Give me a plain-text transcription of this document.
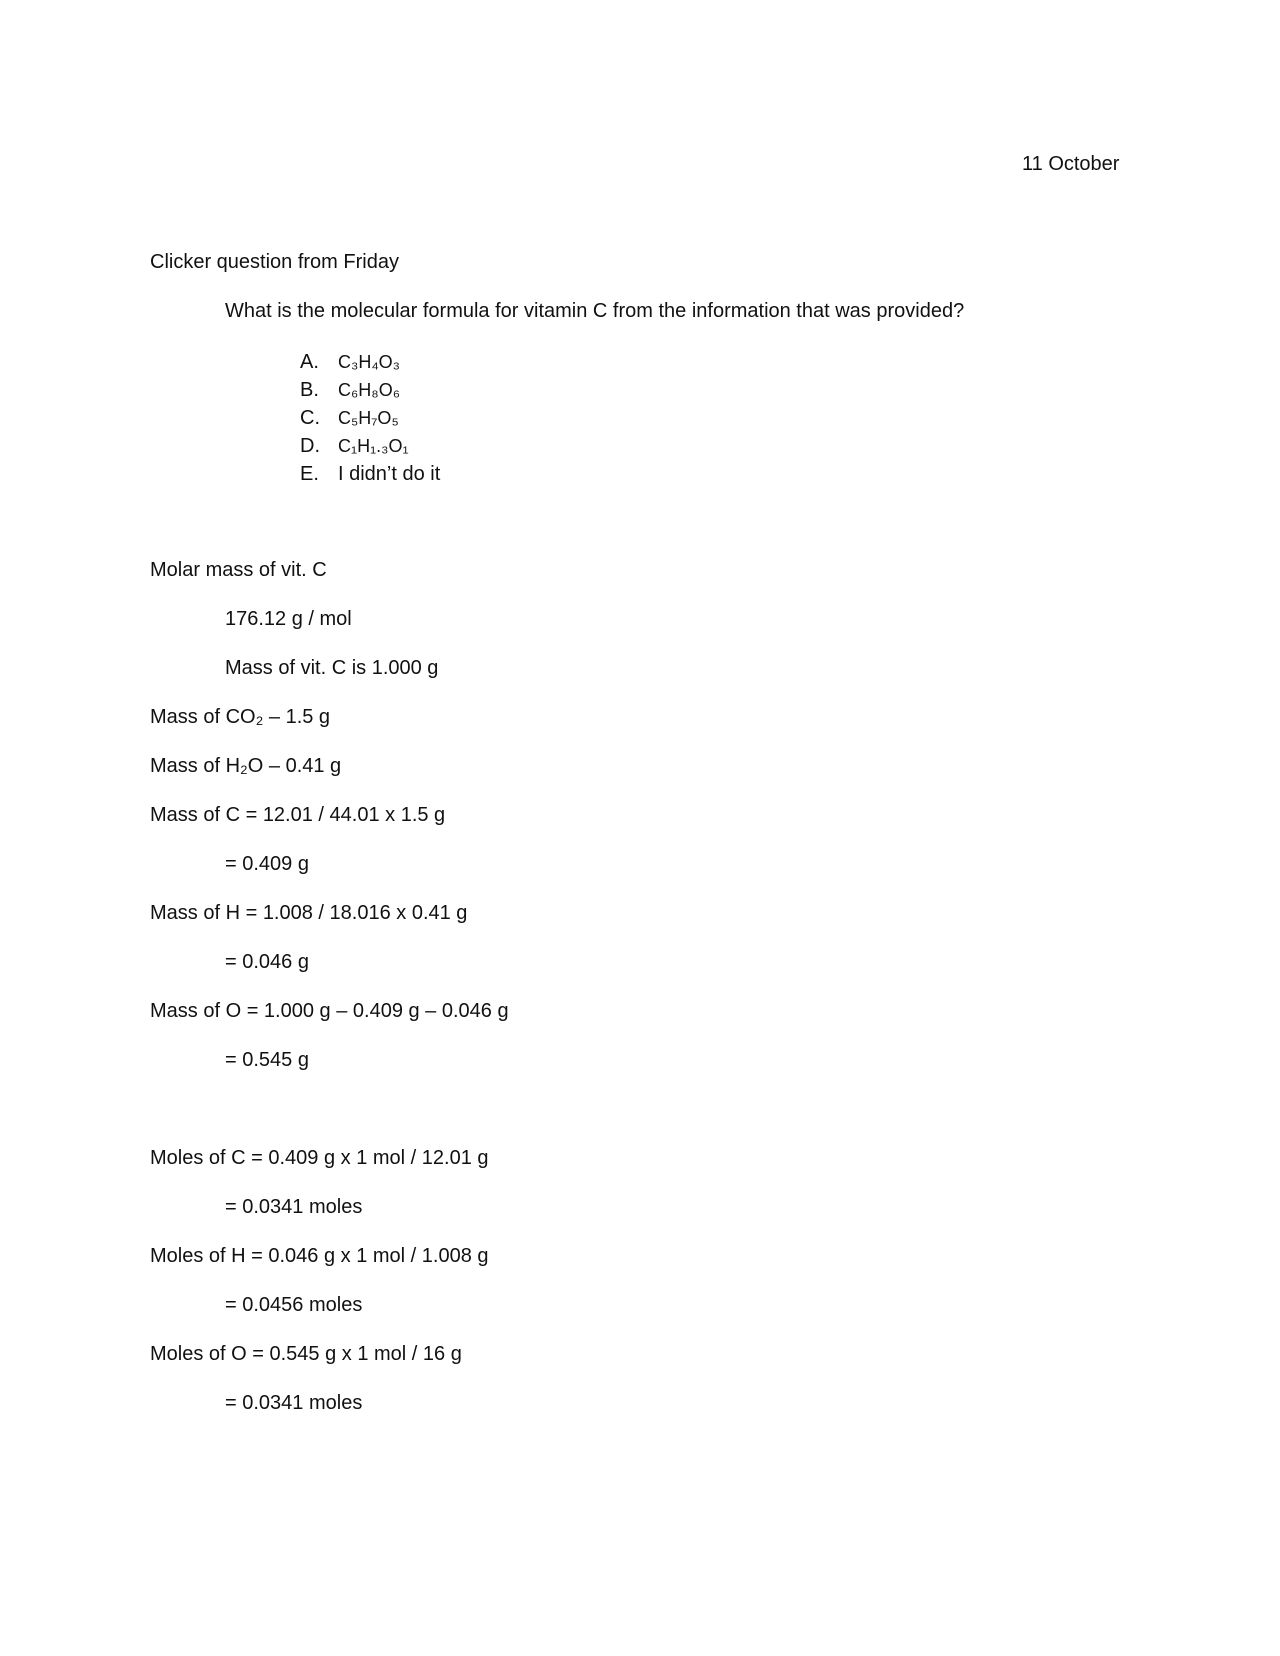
11 October
Clicker question from Friday
What is the molecular formula for vitamin C from the information that was provided?
A. C₃H₄O₃
B. C₆H₈O₆
C. C₅H₇O₅
D. C₁H₁.₃O₁
E. I didn’t do it
Molar mass of vit. C
176.12 g / mol
Mass of vit. C is 1.000 g
Mass of CO₂ – 1.5 g
Mass of H₂O – 0.41 g
Mass of C = 12.01 / 44.01 x 1.5 g
= 0.409 g
Mass of H = 1.008 / 18.016 x 0.41 g
= 0.046 g
Mass of O = 1.000 g – 0.409 g – 0.046 g
= 0.545 g
Moles of C = 0.409 g x 1 mol / 12.01 g
= 0.0341 moles
Moles of H = 0.046 g x 1 mol / 1.008 g
= 0.0456 moles
Moles of O = 0.545 g x 1 mol / 16 g
= 0.0341 moles
